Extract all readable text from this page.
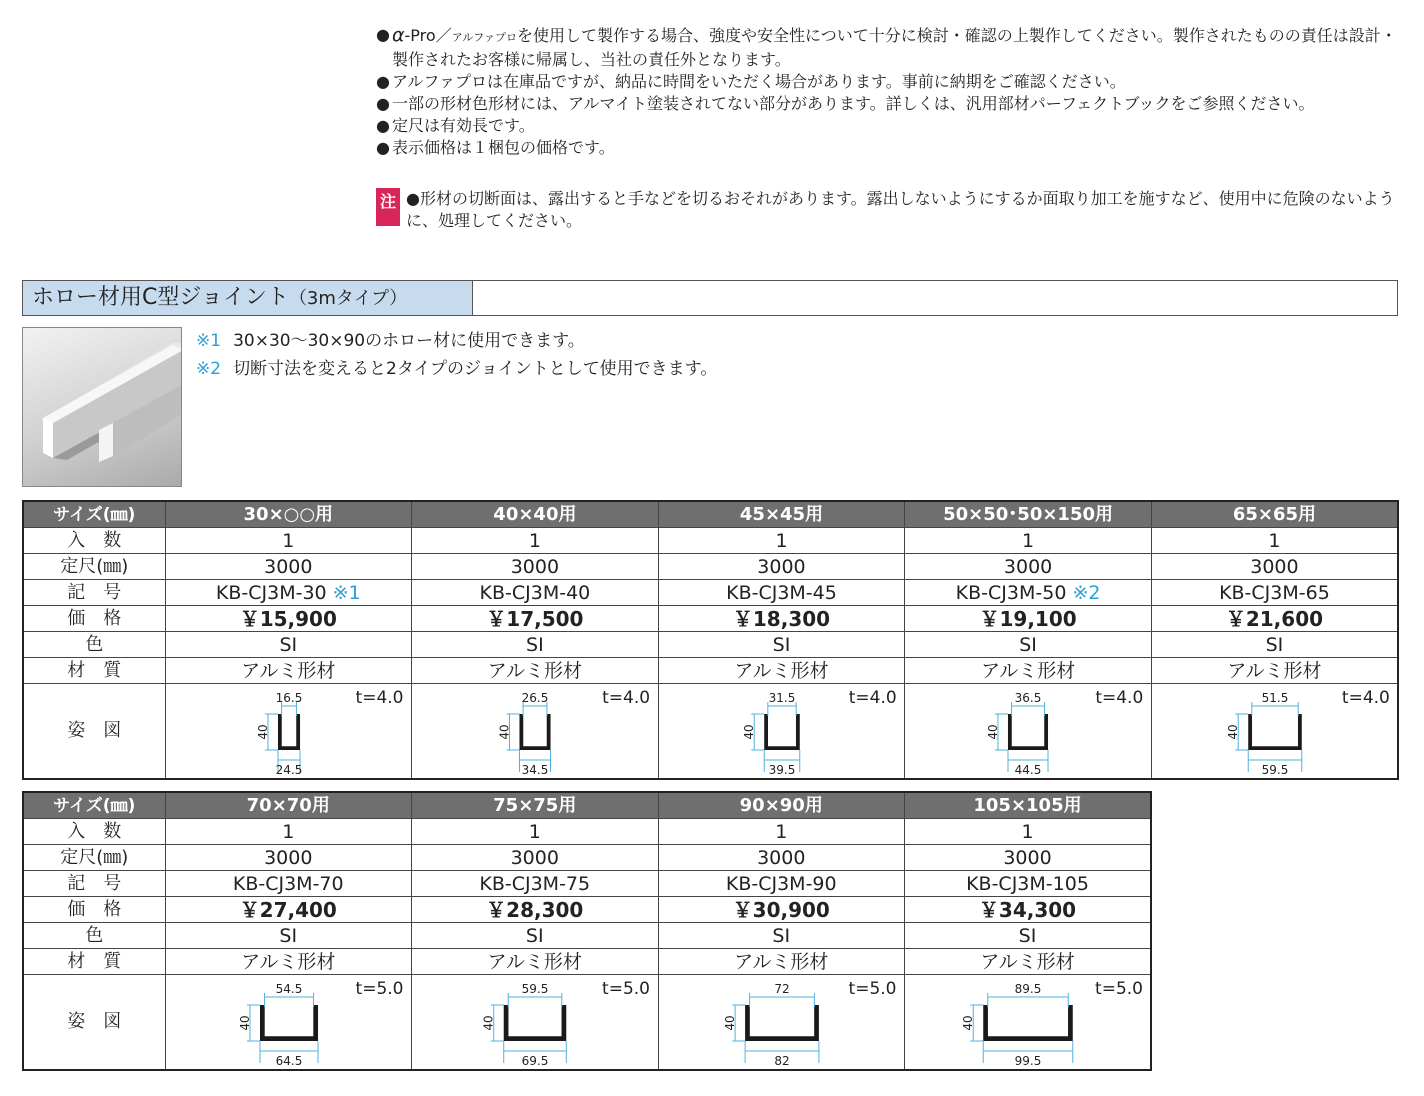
● α-Pro／アルファプロを使用して製作する場合、強度や安全性について十分に検討・確認の上製作してください。製作されたものの責任は設計・製作されたお客様に帰属し、当社の責任外となります。
● アルファプロは在庫品ですが、納品に時間をいただく場合があります。事前に納期をご確認ください。
● 一部の形材色形材には、アルマイト塗装されてない部分があります。詳しくは、汎用部材パーフェクトブックをご参照ください。
● 定尺は有効長です。
● 表示価格は１梱包の価格です。
注 ●形材の切断面は、露出すると手などを切るおそれがあります。露出しないようにするか面取り加工を施すなど、使用中に危険のないように、処理してください。
ホロー材用C型ジョイント（3mタイプ）
※1 30×30〜30×90のホロー材に使用できます。
※2 切断寸法を変えると2タイプのジョイントとして使用できます。
サイズ(㎜)	30×○○用	40×40用	45×45用	50×50･50×150用	65×65用
入　数	1	1	1	1	1
定尺(㎜)	3000	3000	3000	3000	3000
記　号	KB-CJ3M-30 ※1	KB-CJ3M-40	KB-CJ3M-45	KB-CJ3M-50 ※2	KB-CJ3M-65
価　格	￥15,900	￥17,500	￥18,300	￥19,100	￥21,600
色	SI	SI	SI	SI	SI
材　質	アルミ形材	アルミ形材	アルミ形材	アルミ形材	アルミ形材
姿　図	16.5
24.5
40
t=4.0	26.5
34.5
40
t=4.0	31.5
39.5
40
t=4.0	36.5
44.5
40
t=4.0	51.5
59.5
40
t=4.0
サイズ(㎜)	70×70用	75×75用	90×90用	105×105用
入　数	1	1	1	1
定尺(㎜)	3000	3000	3000	3000
記　号	KB-CJ3M-70	KB-CJ3M-75	KB-CJ3M-90	KB-CJ3M-105
価　格	￥27,400	￥28,300	￥30,900	￥34,300
色	SI	SI	SI	SI
材　質	アルミ形材	アルミ形材	アルミ形材	アルミ形材
姿　図	54.5
64.5
40
t=5.0	59.5
69.5
40
t=5.0	72
82
40
t=5.0	89.5
99.5
40
t=5.0
